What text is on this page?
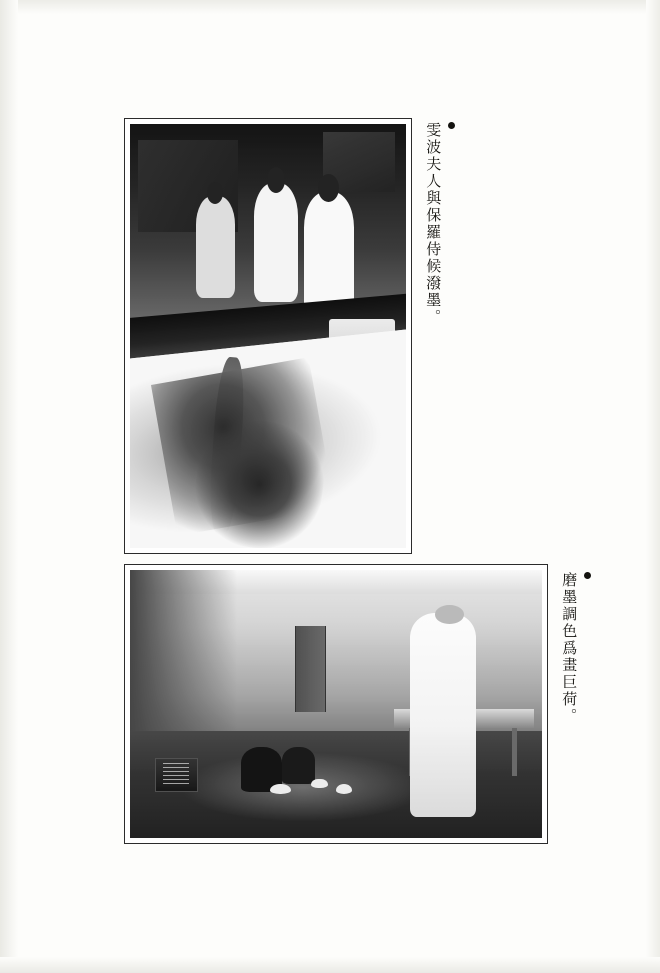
雯波夫人與保羅侍候潑墨。
磨墨調色爲畫巨荷。
